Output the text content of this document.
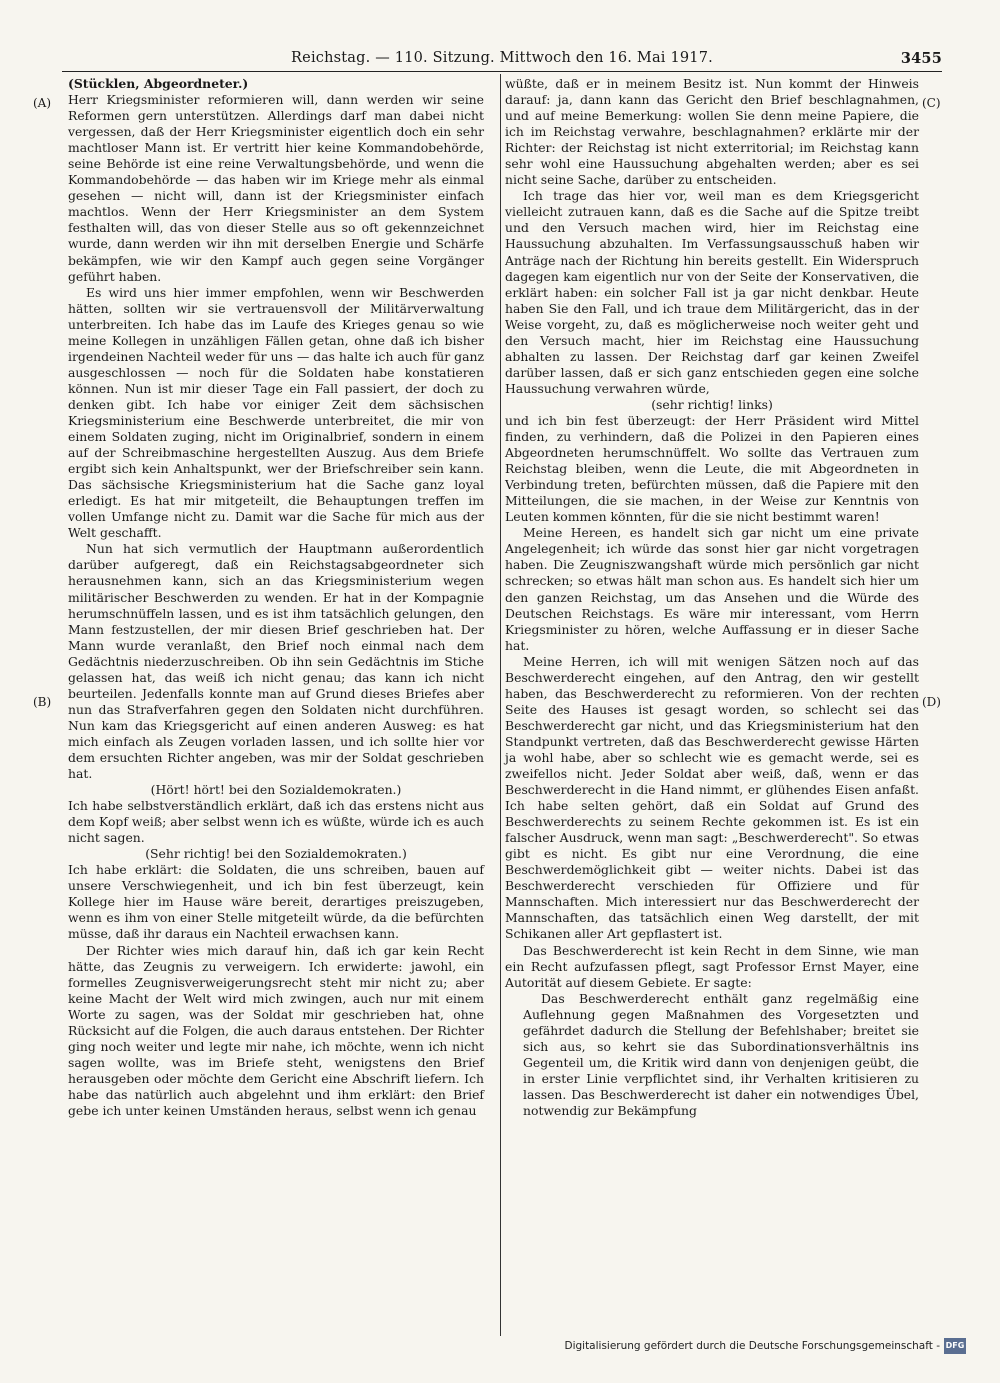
Reichstag. — 110. Sitzung. Mittwoch den 16. Mai 1917.	3455
(A)
(B)
(C)
(D)

(Stücklen, Abgeordneter.)

Herr Kriegsminister reformieren will, dann werden wir seine Reformen gern unterstützen. Allerdings darf man dabei nicht vergessen, daß der Herr Kriegsminister eigentlich doch ein sehr machtloser Mann ist. Er vertritt hier keine Kommandobehörde, seine Behörde ist eine reine Verwaltungsbehörde, und wenn die Kommandobehörde — das haben wir im Kriege mehr als einmal gesehen — nicht will, dann ist der Kriegsminister einfach machtlos. Wenn der Herr Kriegsminister an dem System festhalten will, das von dieser Stelle aus so oft gekennzeichnet wurde, dann werden wir ihn mit derselben Energie und Schärfe bekämpfen, wie wir den Kampf auch gegen seine Vorgänger geführt haben.

Es wird uns hier immer empfohlen, wenn wir Beschwerden hätten, sollten wir sie vertrauensvoll der Militärverwaltung unterbreiten. Ich habe das im Laufe des Krieges genau so wie meine Kollegen in unzähligen Fällen getan, ohne daß ich bisher irgendeinen Nachteil weder für uns — das halte ich auch für ganz ausgeschlossen — noch für die Soldaten habe konstatieren können. Nun ist mir dieser Tage ein Fall passiert, der doch zu denken gibt. Ich habe vor einiger Zeit dem sächsischen Kriegsministerium eine Beschwerde unterbreitet, die mir von einem Soldaten zuging, nicht im Originalbrief, sondern in einem auf der Schreibmaschine hergestellten Auszug. Aus dem Briefe ergibt sich kein Anhaltspunkt, wer der Briefschreiber sein kann. Das sächsische Kriegsministerium hat die Sache ganz loyal erledigt. Es hat mir mitgeteilt, die Behauptungen treffen im vollen Umfange nicht zu. Damit war die Sache für mich aus der Welt geschafft.

Nun hat sich vermutlich der Hauptmann außerordentlich darüber aufgeregt, daß ein Reichstagsabgeordneter sich herausnehmen kann, sich an das Kriegsministerium wegen militärischer Beschwerden zu wenden. Er hat in der Kompagnie herumschnüffeln lassen, und es ist ihm tatsächlich gelungen, den Mann festzustellen, der mir diesen Brief geschrieben hat. Der Mann wurde veranlaßt, den Brief noch einmal nach dem Gedächtnis niederzuschreiben. Ob ihn sein Gedächtnis im Stiche gelassen hat, das weiß ich nicht genau; das kann ich nicht beurteilen. Jedenfalls konnte man auf Grund dieses Briefes aber nun das Strafverfahren gegen den Soldaten nicht durchführen. Nun kam das Kriegsgericht auf einen anderen Ausweg: es hat mich einfach als Zeugen vorladen lassen, und ich sollte hier vor dem ersuchten Richter angeben, was mir der Soldat geschrieben hat.

(Hört! hört! bei den Sozialdemokraten.)

Ich habe selbstverständlich erklärt, daß ich das erstens nicht aus dem Kopf weiß; aber selbst wenn ich es wüßte, würde ich es auch nicht sagen.

(Sehr richtig! bei den Sozialdemokraten.)

Ich habe erklärt: die Soldaten, die uns schreiben, bauen auf unsere Verschwiegenheit, und ich bin fest überzeugt, kein Kollege hier im Hause wäre bereit, derartiges preiszugeben, wenn es ihm von einer Stelle mitgeteilt würde, da die befürchten müsse, daß ihr daraus ein Nachteil erwachsen kann.

Der Richter wies mich darauf hin, daß ich gar kein Recht hätte, das Zeugnis zu verweigern. Ich erwiderte: jawohl, ein formelles Zeugnisverweigerungsrecht steht mir nicht zu; aber keine Macht der Welt wird mich zwingen, auch nur mit einem Worte zu sagen, was der Soldat mir geschrieben hat, ohne Rücksicht auf die Folgen, die auch daraus entstehen. Der Richter ging noch weiter und legte mir nahe, ich möchte, wenn ich nicht sagen wollte, was im Briefe steht, wenigstens den Brief herausgeben oder möchte dem Gericht eine Abschrift liefern. Ich habe das natürlich auch abgelehnt und ihm erklärt: den Brief gebe ich unter keinen Umständen heraus, selbst wenn ich genau

wüßte, daß er in meinem Besitz ist. Nun kommt der Hinweis darauf: ja, dann kann das Gericht den Brief beschlagnahmen, und auf meine Bemerkung: wollen Sie denn meine Papiere, die ich im Reichstag verwahre, beschlagnahmen? erklärte mir der Richter: der Reichstag ist nicht exterritorial; im Reichstag kann sehr wohl eine Haussuchung abgehalten werden; aber es sei nicht seine Sache, darüber zu entscheiden.

Ich trage das hier vor, weil man es dem Kriegsgericht vielleicht zutrauen kann, daß es die Sache auf die Spitze treibt und den Versuch machen wird, hier im Reichstag eine Haussuchung abzuhalten. Im Verfassungsausschuß haben wir Anträge nach der Richtung hin bereits gestellt. Ein Widerspruch dagegen kam eigentlich nur von der Seite der Konservativen, die erklärt haben: ein solcher Fall ist ja gar nicht denkbar. Heute haben Sie den Fall, und ich traue dem Militärgericht, das in der Weise vorgeht, zu, daß es möglicherweise noch weiter geht und den Versuch macht, hier im Reichstag eine Haussuchung abhalten zu lassen. Der Reichstag darf gar keinen Zweifel darüber lassen, daß er sich ganz entschieden gegen eine solche Haussuchung verwahren würde,

(sehr richtig! links)

und ich bin fest überzeugt: der Herr Präsident wird Mittel finden, zu verhindern, daß die Polizei in den Papieren eines Abgeordneten herumschnüffelt. Wo sollte das Vertrauen zum Reichstag bleiben, wenn die Leute, die mit Abgeordneten in Verbindung treten, befürchten müssen, daß die Papiere mit den Mitteilungen, die sie machen, in der Weise zur Kenntnis von Leuten kommen könnten, für die sie nicht bestimmt waren!

Meine Hereen, es handelt sich gar nicht um eine private Angelegenheit; ich würde das sonst hier gar nicht vorgetragen haben. Die Zeugniszwangshaft würde mich persönlich gar nicht schrecken; so etwas hält man schon aus. Es handelt sich hier um den ganzen Reichstag, um das Ansehen und die Würde des Deutschen Reichstags. Es wäre mir interessant, vom Herrn Kriegsminister zu hören, welche Auffassung er in dieser Sache hat.

Meine Herren, ich will mit wenigen Sätzen noch auf das Beschwerderecht eingehen, auf den Antrag, den wir gestellt haben, das Beschwerderecht zu reformieren. Von der rechten Seite des Hauses ist gesagt worden, so schlecht sei das Beschwerderecht gar nicht, und das Kriegsministerium hat den Standpunkt vertreten, daß das Beschwerderecht gewisse Härten ja wohl habe, aber so schlecht wie es gemacht werde, sei es zweifellos nicht. Jeder Soldat aber weiß, daß, wenn er das Beschwerderecht in die Hand nimmt, er glühendes Eisen anfaßt. Ich habe selten gehört, daß ein Soldat auf Grund des Beschwerderechts zu seinem Rechte gekommen ist. Es ist ein falscher Ausdruck, wenn man sagt: „Beschwerderecht". So etwas gibt es nicht. Es gibt nur eine Verordnung, die eine Beschwerdemöglichkeit gibt — weiter nichts. Dabei ist das Beschwerderecht verschieden für Offiziere und für Mannschaften. Mich interessiert nur das Beschwerderecht der Mannschaften, das tatsächlich einen Weg darstellt, der mit Schikanen aller Art gepflastert ist.

Das Beschwerderecht ist kein Recht in dem Sinne, wie man ein Recht aufzufassen pflegt, sagt Professor Ernst Mayer, eine Autorität auf diesem Gebiete. Er sagte:

Das Beschwerderecht enthält ganz regelmäßig eine Auflehnung gegen Maßnahmen des Vorgesetzten und gefährdet dadurch die Stellung der Befehlshaber; breitet sie sich aus, so kehrt sie das Subordinationsverhältnis ins Gegenteil um, die Kritik wird dann von denjenigen geübt, die in erster Linie verpflichtet sind, ihr Verhalten kritisieren zu lassen. Das Beschwerderecht ist daher ein notwendiges Übel, notwendig zur Bekämpfung

Digitalisierung gefördert durch die Deutsche Forschungsgemeinschaft - DFG
